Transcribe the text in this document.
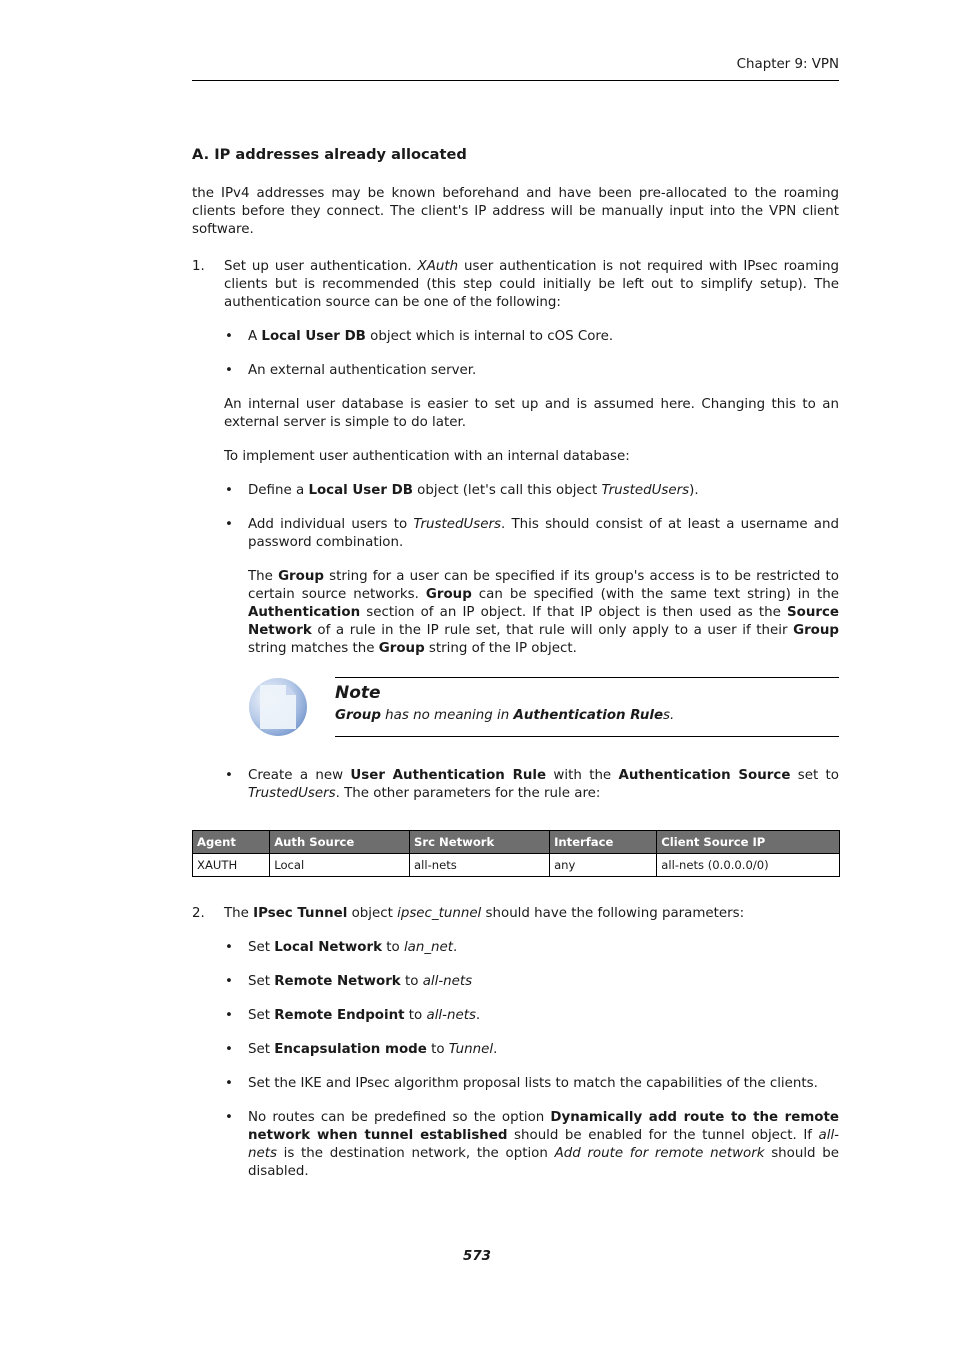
Chapter 9: VPN
A. IP addresses already allocated

the IPv4 addresses may be known beforehand and have been pre-allocated to the roaming clients before they connect. The client's IP address will be manually input into the VPN client software.

1. Set up user authentication. XAuth user authentication is not required with IPsec roaming clients but is recommended (this step could initially be left out to simplify setup). The authentication source can be one of the following:

• A Local User DB object which is internal to cOS Core.

• An external authentication server.

An internal user database is easier to set up and is assumed here. Changing this to an external server is simple to do later.

To implement user authentication with an internal database:

• Define a Local User DB object (let's call this object TrustedUsers).

• Add individual users to TrustedUsers. This should consist of at least a username and password combination.

The Group string for a user can be specified if its group's access is to be restricted to certain source networks. Group can be specified (with the same text string) in the Authentication section of an IP object. If that IP object is then used as the Source Network of a rule in the IP rule set, that rule will only apply to a user if their Group string matches the Group string of the IP object.

Note
Group has no meaning in Authentication Rules.
• Create a new User Authentication Rule with the Authentication Source set to TrustedUsers. The other parameters for the rule are:

Agent	Auth Source	Src Network	Interface	Client Source IP
XAUTH	Local	all-nets	any	all-nets (0.0.0.0/0)
2. The IPsec Tunnel object ipsec_tunnel should have the following parameters:

• Set Local Network to lan_net.

• Set Remote Network to all-nets

• Set Remote Endpoint to all-nets.

• Set Encapsulation mode to Tunnel.

• Set the IKE and IPsec algorithm proposal lists to match the capabilities of the clients.

• No routes can be predefined so the option Dynamically add route to the remote network when tunnel established should be enabled for the tunnel object. If all-nets is the destination network, the option Add route for remote network should be disabled.

573
